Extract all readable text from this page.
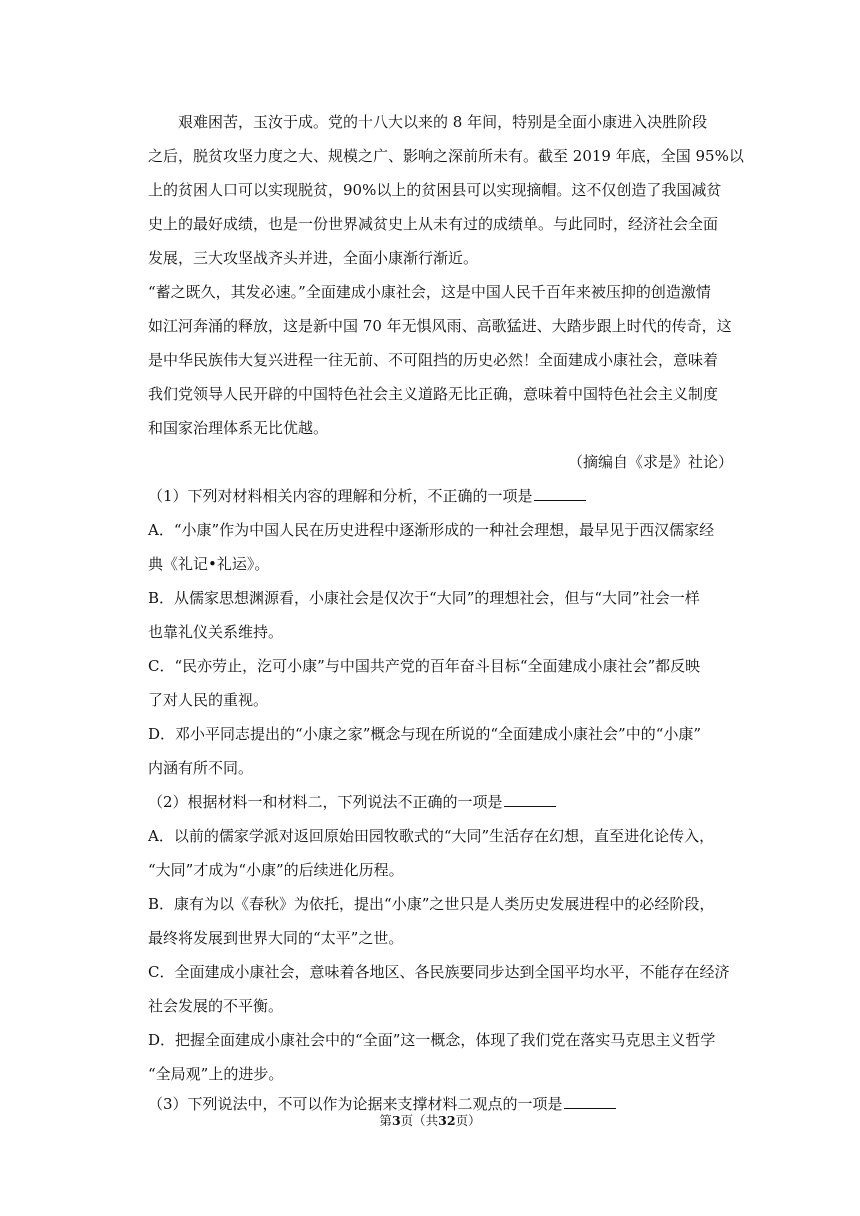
　　艰难困苦，玉汝于成。党的十八大以来的 8 年间，特别是全面小康进入决胜阶段
之后，脱贫攻坚力度之大、规模之广、影响之深前所未有。截至 2019 年底，全国 95%以
上的贫困人口可以实现脱贫，90%以上的贫困县可以实现摘帽。这不仅创造了我国减贫
史上的最好成绩，也是一份世界减贫史上从未有过的成绩单。与此同时，经济社会全面
发展，三大攻坚战齐头并进，全面小康渐行渐近。
“蓄之既久，其发必速。”全面建成小康社会，这是中国人民千百年来被压抑的创造激情
如江河奔涌的释放，这是新中国 70 年无惧风雨、高歌猛进、大踏步跟上时代的传奇，这
是中华民族伟大复兴进程一往无前、不可阻挡的历史必然！全面建成小康社会，意味着
我们党领导人民开辟的中国特色社会主义道路无比正确，意味着中国特色社会主义制度
和国家治理体系无比优越。
（摘编自《求是》社论）
（1）下列对材料相关内容的理解和分析，不正确的一项是
A．“小康”作为中国人民在历史进程中逐渐形成的一种社会理想，最早见于西汉儒家经
典《礼记•礼运》。
B．从儒家思想渊源看，小康社会是仅次于“大同”的理想社会，但与“大同”社会一样
也靠礼仪关系维持。
C．“民亦劳止，汔可小康”与中国共产党的百年奋斗目标“全面建成小康社会”都反映
了对人民的重视。
D．邓小平同志提出的“小康之家”概念与现在所说的“全面建成小康社会”中的“小康”
内涵有所不同。
（2）根据材料一和材料二，下列说法不正确的一项是
A．以前的儒家学派对返回原始田园牧歌式的“大同”生活存在幻想，直至进化论传入，
“大同”才成为“小康”的后续进化历程。
B．康有为以《春秋》为依托，提出“小康”之世只是人类历史发展进程中的必经阶段，
最终将发展到世界大同的“太平”之世。
C．全面建成小康社会，意味着各地区、各民族要同步达到全国平均水平，不能存在经济
社会发展的不平衡。
D．把握全面建成小康社会中的“全面”这一概念，体现了我们党在落实马克思主义哲学
“全局观”上的进步。
（3）下列说法中，不可以作为论据来支撑材料二观点的一项是
第3页（共32页）
